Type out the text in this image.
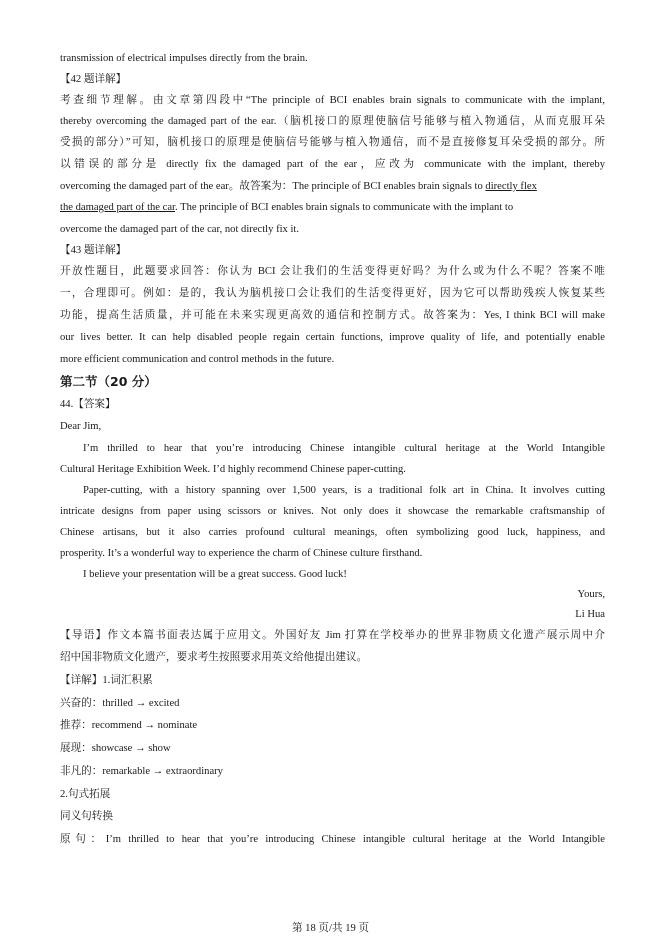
transmission of electrical impulses directly from the brain.
【42 题详解】
考查细节理解。由文章第四段中“The principle of BCI enables brain signals to communicate with the implant,
thereby overcoming the damaged part of the ear.（脑机接口的原理使脑信号能够与植入物通信，从而克服耳朵
受损的部分）”可知，脑机接口的原理是使脑信号能够与植入物通信，而不是直接修复耳朵受损的部分。所
以错误的部分是 directly fix the damaged part of the ear，应改为 communicate with the implant, thereby
overcoming the damaged part of the ear。故答案为：The principle of BCI enables brain signals to directly flex
the damaged part of the car. The principle of BCI enables brain signals to communicate with the implant to
overcome the damaged part of the car, not directly fix it.
【43 题详解】
开放性题目，此题要求回答：你认为 BCI 会让我们的生活变得更好吗？为什么或为什么不呢？答案不唯
一，合理即可。例如：是的，我认为脑机接口会让我们的生活变得更好，因为它可以帮助残疾人恢复某些
功能，提高生活质量，并可能在未来实现更高效的通信和控制方式。故答案为：Yes, I think BCI will make
our lives better. It can help disabled people regain certain functions, improve quality of life, and potentially enable
more efficient communication and control methods in the future.
第二节（20 分）
44.【答案】
Dear Jim,
I’m thrilled to hear that you’re introducing Chinese intangible cultural heritage at the World Intangible
Cultural Heritage Exhibition Week. I’d highly recommend Chinese paper-cutting.
Paper-cutting, with a history spanning over 1,500 years, is a traditional folk art in China. It involves cutting
intricate designs from paper using scissors or knives. Not only does it showcase the remarkable craftsmanship of
Chinese artisans, but it also carries profound cultural meanings, often symbolizing good luck, happiness, and
prosperity. It’s a wonderful way to experience the charm of Chinese culture firsthand.
I believe your presentation will be a great success. Good luck!
Yours,
Li Hua
【导语】作文本篇书面表达属于应用文。外国好友 Jim 打算在学校举办的世界非物质文化遗产展示周中介
绍中国非物质文化遗产，要求考生按照要求用英文给他提出建议。
【详解】1.词汇积累
兴奋的：thrilled → excited
推荐：recommend → nominate
展现：showcase → show
非凡的：remarkable → extraordinary
2.句式拓展
同义句转换
原句：I’m thrilled to hear that you’re introducing Chinese intangible cultural heritage at the World Intangible
第 18 页/共 19 页
